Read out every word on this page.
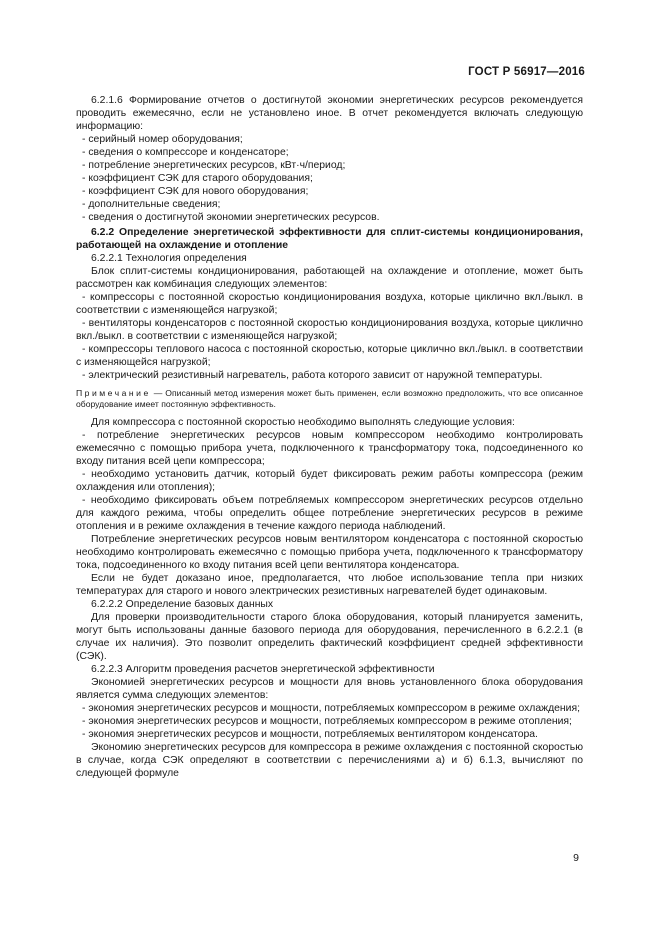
ГОСТ Р 56917—2016

6.2.1.6 Формирование отчетов о достигнутой экономии энергетических ресурсов рекомендуется проводить ежемесячно, если не установлено иное. В отчет рекомендуется включать следующую информацию:

- серийный номер оборудования;

- сведения о компрессоре и конденсаторе;

- потребление энергетических ресурсов, кВт·ч/период;

- коэффициент СЭК для старого оборудования;

- коэффициент СЭК для нового оборудования;

- дополнительные сведения;

- сведения о достигнутой экономии энергетических ресурсов.

6.2.2 Определение энергетической эффективности для сплит-системы кондиционирования, работающей на охлаждение и отопление

6.2.2.1 Технология определения

Блок сплит-системы кондиционирования, работающей на охлаждение и отопление, может быть рассмотрен как комбинация следующих элементов:

- компрессоры с постоянной скоростью кондиционирования воздуха, которые циклично вкл./выкл. в соответствии с изменяющейся нагрузкой;

- вентиляторы конденсаторов с постоянной скоростью кондиционирования воздуха, которые циклично вкл./выкл. в соответствии с изменяющейся нагрузкой;

- компрессоры теплового насоса с постоянной скоростью, которые циклично вкл./выкл. в соответствии с изменяющейся нагрузкой;

- электрический резистивный нагреватель, работа которого зависит от наружной температуры.

Примечание — Описанный метод измерения может быть применен, если возможно предположить, что все описанное оборудование имеет постоянную эффективность.

Для компрессора с постоянной скоростью необходимо выполнять следующие условия:

- потребление энергетических ресурсов новым компрессором необходимо контролировать ежемесячно с помощью прибора учета, подключенного к трансформатору тока, подсоединенного ко входу питания всей цепи компрессора;

- необходимо установить датчик, который будет фиксировать режим работы компрессора (режим охлаждения или отопления);

- необходимо фиксировать объем потребляемых компрессором энергетических ресурсов отдельно для каждого режима, чтобы определить общее потребление энергетических ресурсов в режиме отопления и в режиме охлаждения в течение каждого периода наблюдений.

Потребление энергетических ресурсов новым вентилятором конденсатора с постоянной скоростью необходимо контролировать ежемесячно с помощью прибора учета, подключенного к трансформатору тока, подсоединенного ко входу питания всей цепи вентилятора конденсатора.

Если не будет доказано иное, предполагается, что любое использование тепла при низких температурах для старого и нового электрических резистивных нагревателей будет одинаковым.

6.2.2.2 Определение базовых данных

Для проверки производительности старого блока оборудования, который планируется заменить, могут быть использованы данные базового периода для оборудования, перечисленного в 6.2.2.1 (в случае их наличия). Это позволит определить фактический коэффициент средней эффективности (СЭК).

6.2.2.3 Алгоритм проведения расчетов энергетической эффективности

Экономией энергетических ресурсов и мощности для вновь установленного блока оборудования является сумма следующих элементов:

- экономия энергетических ресурсов и мощности, потребляемых компрессором в режиме охлаждения;

- экономия энергетических ресурсов и мощности, потребляемых компрессором в режиме отопления;

- экономия энергетических ресурсов и мощности, потребляемых вентилятором конденсатора.

Экономию энергетических ресурсов для компрессора в режиме охлаждения с постоянной скоростью в случае, когда СЭК определяют в соответствии с перечислениями а) и б) 6.1.3, вычисляют по следующей формуле

9
